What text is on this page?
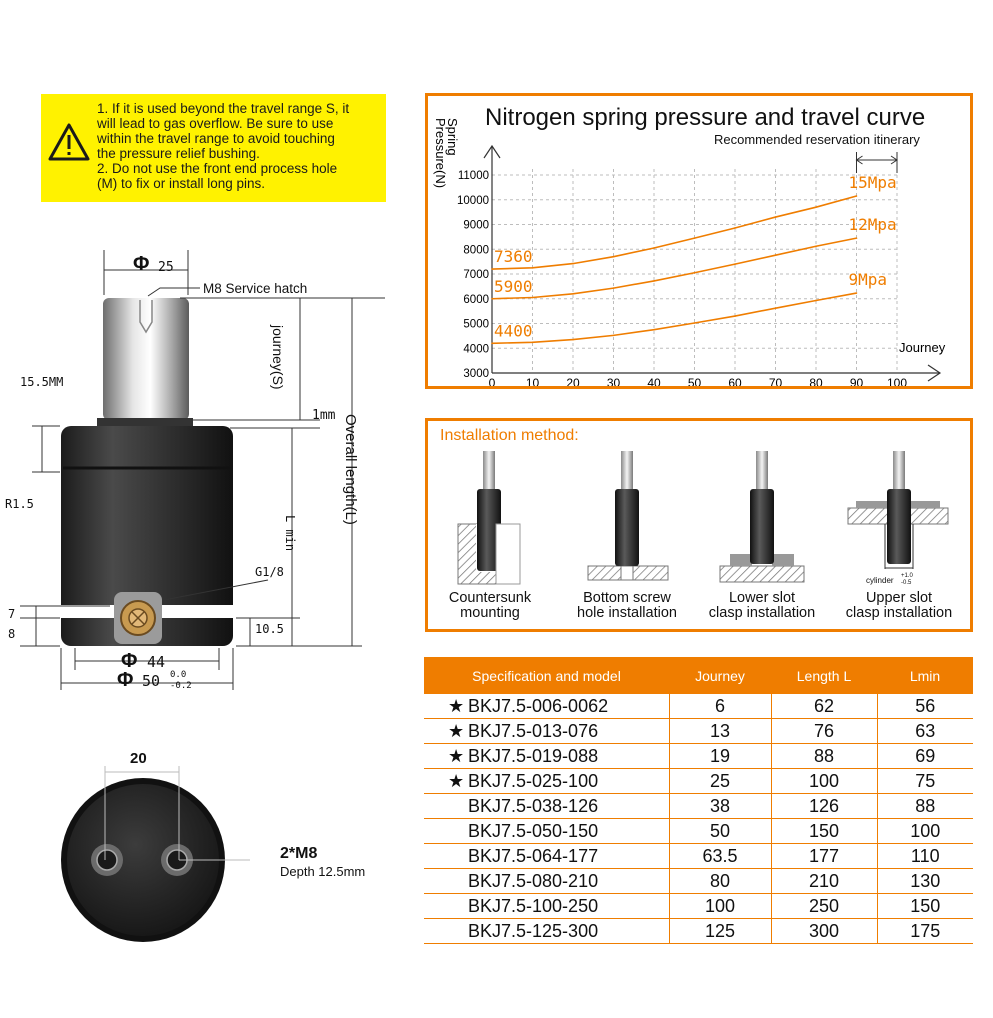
1. If it is used beyond the travel range S, it
will lead to gas overflow. Be sure to use
within the travel range to avoid touching
the pressure relief bushing.
2. Do not use the front end process hole
(M) to fix or install long pins.
Φ 25
M8 Service hatch
15.5MM	journey(S)
1mm Overall length(L)
R1.5
L min
G1/8
7
8	10.5
Φ 44
Φ 50 0.0
-0.2
20
2*M8
Depth 12.5mm
Nitrogen spring pressure and travel curve
Recommended reservation itinerary
0	10 20 30 40 50 60 70 80 90 100
3000
4000
5000
6000
7000
8000
9000
10000
11000
Journey
Spring
Pressure(N)
7360
15Mpa
5900
12Mpa
4400
9Mpa
Installation method:
cylinder +1.0
-0.5
Countersunk
mounting
Bottom screw
hole installation
Lower slot
clasp installation
Upper slot
clasp installation
Specification and model	Journey	Length L	Lmin
★ BKJ7.5-006-0062	6	62	56
★ BKJ7.5-013-076	13	76	63
★ BKJ7.5-019-088	19	88	69
★ BKJ7.5-025-100	25	100	75
BKJ7.5-038-126	38	126	88
BKJ7.5-050-150	50	150	100
BKJ7.5-064-177	63.5	177	110
BKJ7.5-080-210	80	210	130
BKJ7.5-100-250	100	250	150
BKJ7.5-125-300	125	300	175
